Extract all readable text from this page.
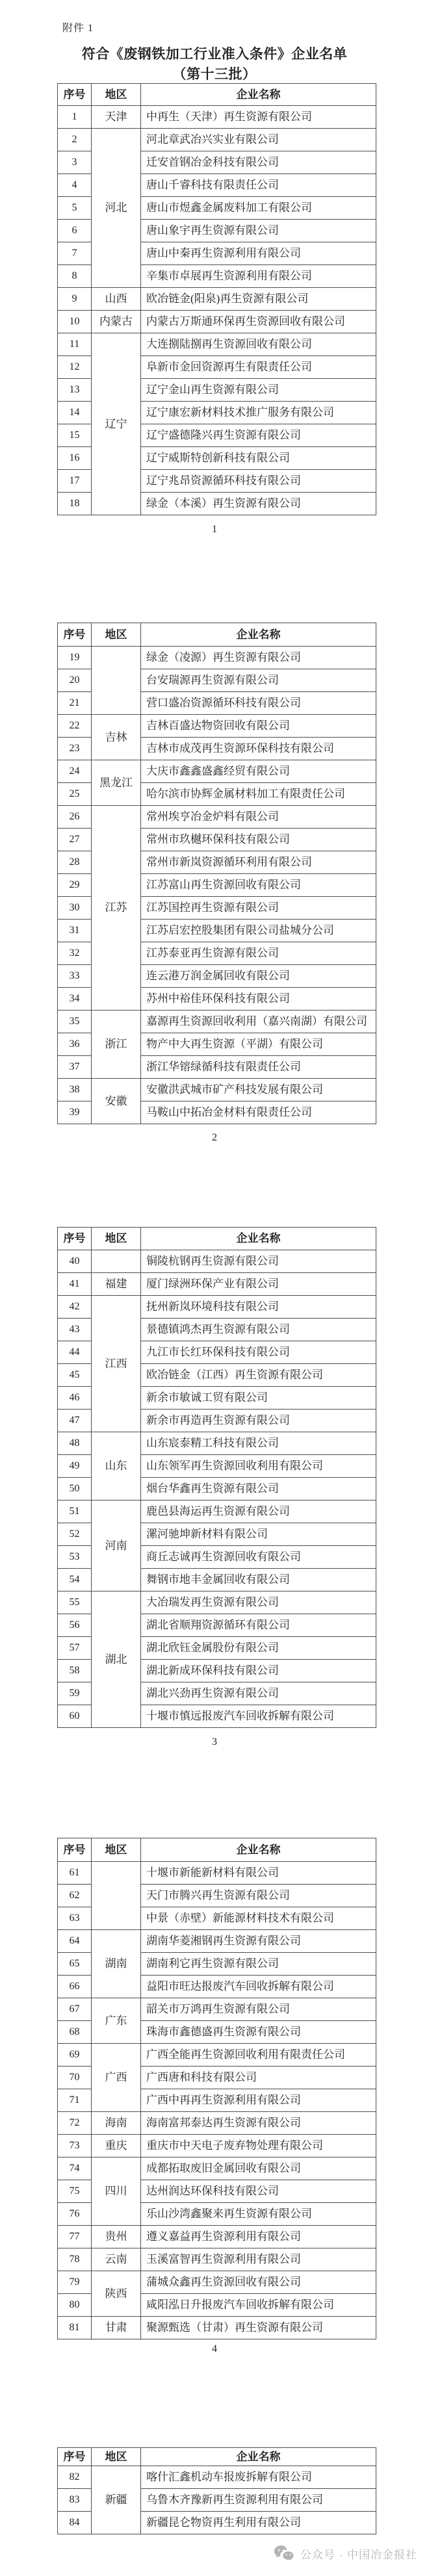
附件 1
符合《废钢铁加工行业准入条件》企业名单
（第十三批）
序号	地区	企业名称
1	天津	中再生（天津）再生资源有限公司
2	河北	河北章武冶兴实业有限公司
3		迁安首钢冶金科技有限公司
4		唐山千睿科技有限责任公司
5		唐山市煜鑫金属废料加工有限公司
6		唐山象宇再生资源有限公司
7		唐山中秦再生资源利用有限公司
8		辛集市卓展再生资源利用有限公司
9	山西	欧冶链金(阳泉)再生资源有限公司
10	内蒙古	内蒙古万斯通环保再生资源回收有限公司
11	辽宁	大连捌陆捌再生资源回收有限公司
12		阜新市金回资源再生有限责任公司
13		辽宁金山再生资源有限公司
14		辽宁康宏新材料技术推广服务有限公司
15		辽宁盛德隆兴再生资源有限公司
16		辽宁威斯特创新科技有限公司
17		辽宁兆昂资源循环科技有限公司
18		绿金（本溪）再生资源有限公司
1
序号	地区	企业名称
19		绿金（凌源）再生资源有限公司
20		台安瑞源再生资源有限公司
21		营口盛冶资源循环科技有限公司
22	吉林	吉林百盛达物资回收有限公司
23		吉林市成茂再生资源环保科技有限公司
24	黑龙江	大庆市鑫鑫盛鑫经贸有限公司
25		哈尔滨市协辉金属材料加工有限责任公司
26	江苏	常州埃亨冶金炉料有限公司
27		常州市玖樾环保科技有限公司
28		常州市新岚资源循环利用有限公司
29		江苏富山再生资源回收有限公司
30		江苏国控再生资源有限公司
31		江苏启宏控股集团有限公司盐城分公司
32		江苏泰亚再生资源有限公司
33		连云港万润金属回收有限公司
34		苏州中裕佳环保科技有限公司
35	浙江	嘉源再生资源回收利用（嘉兴南湖）有限公司
36		物产中大再生资源（平湖）有限公司
37		浙江华镕绿循科技有限责任公司
38	安徽	安徽洪武城市矿产科技发展有限公司
39		马鞍山中拓冶金材料有限责任公司
2
序号	地区	企业名称
40		铜陵杭钢再生资源有限公司
41	福建	厦门绿洲环保产业有限公司
42	江西	抚州新岚环境科技有限公司
43		景德镇鸿杰再生资源有限公司
44		九江市长红环保科技有限公司
45		欧冶链金（江西）再生资源有限公司
46		新余市敏诚工贸有限公司
47		新余市再造再生资源有限公司
48	山东	山东宸泰精工科技有限公司
49		山东领军再生资源回收利用有限公司
50		烟台华鑫再生资源有限公司
51	河南	鹿邑县海运再生资源有限公司
52		漯河驰坤新材料有限公司
53		商丘志诚再生资源回收有限公司
54		舞钢市地丰金属回收有限公司
55	湖北	大冶瑞发再生资源有限公司
56		湖北省顺翔资源循环有限公司
57		湖北欣钰金属股份有限公司
58		湖北新成环保科技有限公司
59		湖北兴劲再生资源有限公司
60		十堰市慎远报废汽车回收拆解有限公司
3
序号	地区	企业名称
61		十堰市新能新材料有限公司
62		天门市腾兴再生资源有限公司
63		中景（赤壁）新能源材料技术有限公司
64	湖南	湖南华菱湘钢再生资源有限公司
65		湖南利它再生资源有限公司
66		益阳市旺达报废汽车回收拆解有限公司
67	广东	韶关市万鸿再生资源有限公司
68		珠海市鑫德盛再生资源有限公司
69	广西	广西全能再生资源回收利用有限责任公司
70		广西唐和科技有限公司
71		广西中再再生资源利用有限公司
72	海南	海南富邦泰达再生资源有限公司
73	重庆	重庆市中天电子废弃物处理有限公司
74	四川	成都拓取废旧金属回收有限公司
75		达州润达环保科技有限公司
76		乐山沙湾鑫聚来再生资源有限公司
77	贵州	遵义嘉益再生资源利用有限公司
78	云南	玉溪富智再生资源利用有限公司
79	陕西	蒲城众鑫再生资源回收有限公司
80		咸阳泓日升报废汽车回收拆解有限公司
81	甘肃	聚源甄选（甘肃）再生资源有限公司
4
序号	地区	企业名称
82	新疆	喀什汇鑫机动车报废拆解有限公司
83		乌鲁木齐豫新再生资源利用有限公司
84		新疆昆仑物资再生利用有限公司
公众号 · 中国冶金报社
